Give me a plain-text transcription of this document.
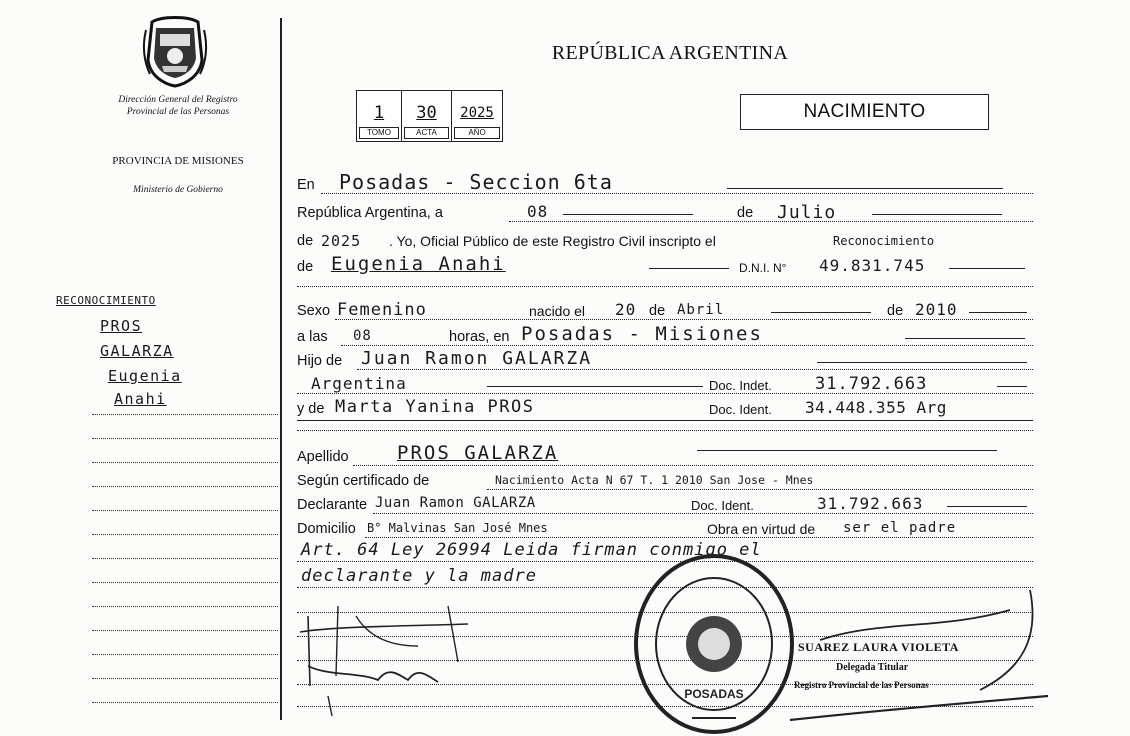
Dirección General del Registro Provincial de las Personas
PROVINCIA DE MISIONES
Ministerio de Gobierno
RECONOCIMIENTO
PROS
GALARZA
Eugenia
Anahi
REPÚBLICA ARGENTINA
1
TOMO
30
ACTA
2025
AÑO
NACIMIENTO
En Posadas - Seccion 6ta
República Argentina, a	08	de Julio
de 2025 . Yo, Oficial Público de este Registro Civil inscripto el	Reconocimiento
de Eugenia Anahi	D.N.I. N° 49.831.745
Sexo Femenino	nacido el 20 de Abril	de 2010
a las 08	horas, en Posadas - Misiones
Hijo de Juan Ramon GALARZA
Argentina	Doc. Indet.	31.792.663
y de Marta Yanina PROS	Doc. Ident. 34.448.355 Arg
Apellido	PROS GALARZA
Según certificado de	Nacimiento Acta N 67 T. 1 2010 San Jose - Mnes
Declarante Juan Ramon GALARZA	Doc. Ident.	31.792.663
Domicilio B° Malvinas San José Mnes	Obra en virtud de ser el padre
Art. 64 Ley 26994 Leida firman conmigo el
declarante y la madre
POSADAS
SUAREZ LAURA VIOLETA
Delegada Titular
Registro Provincial de las Personas
